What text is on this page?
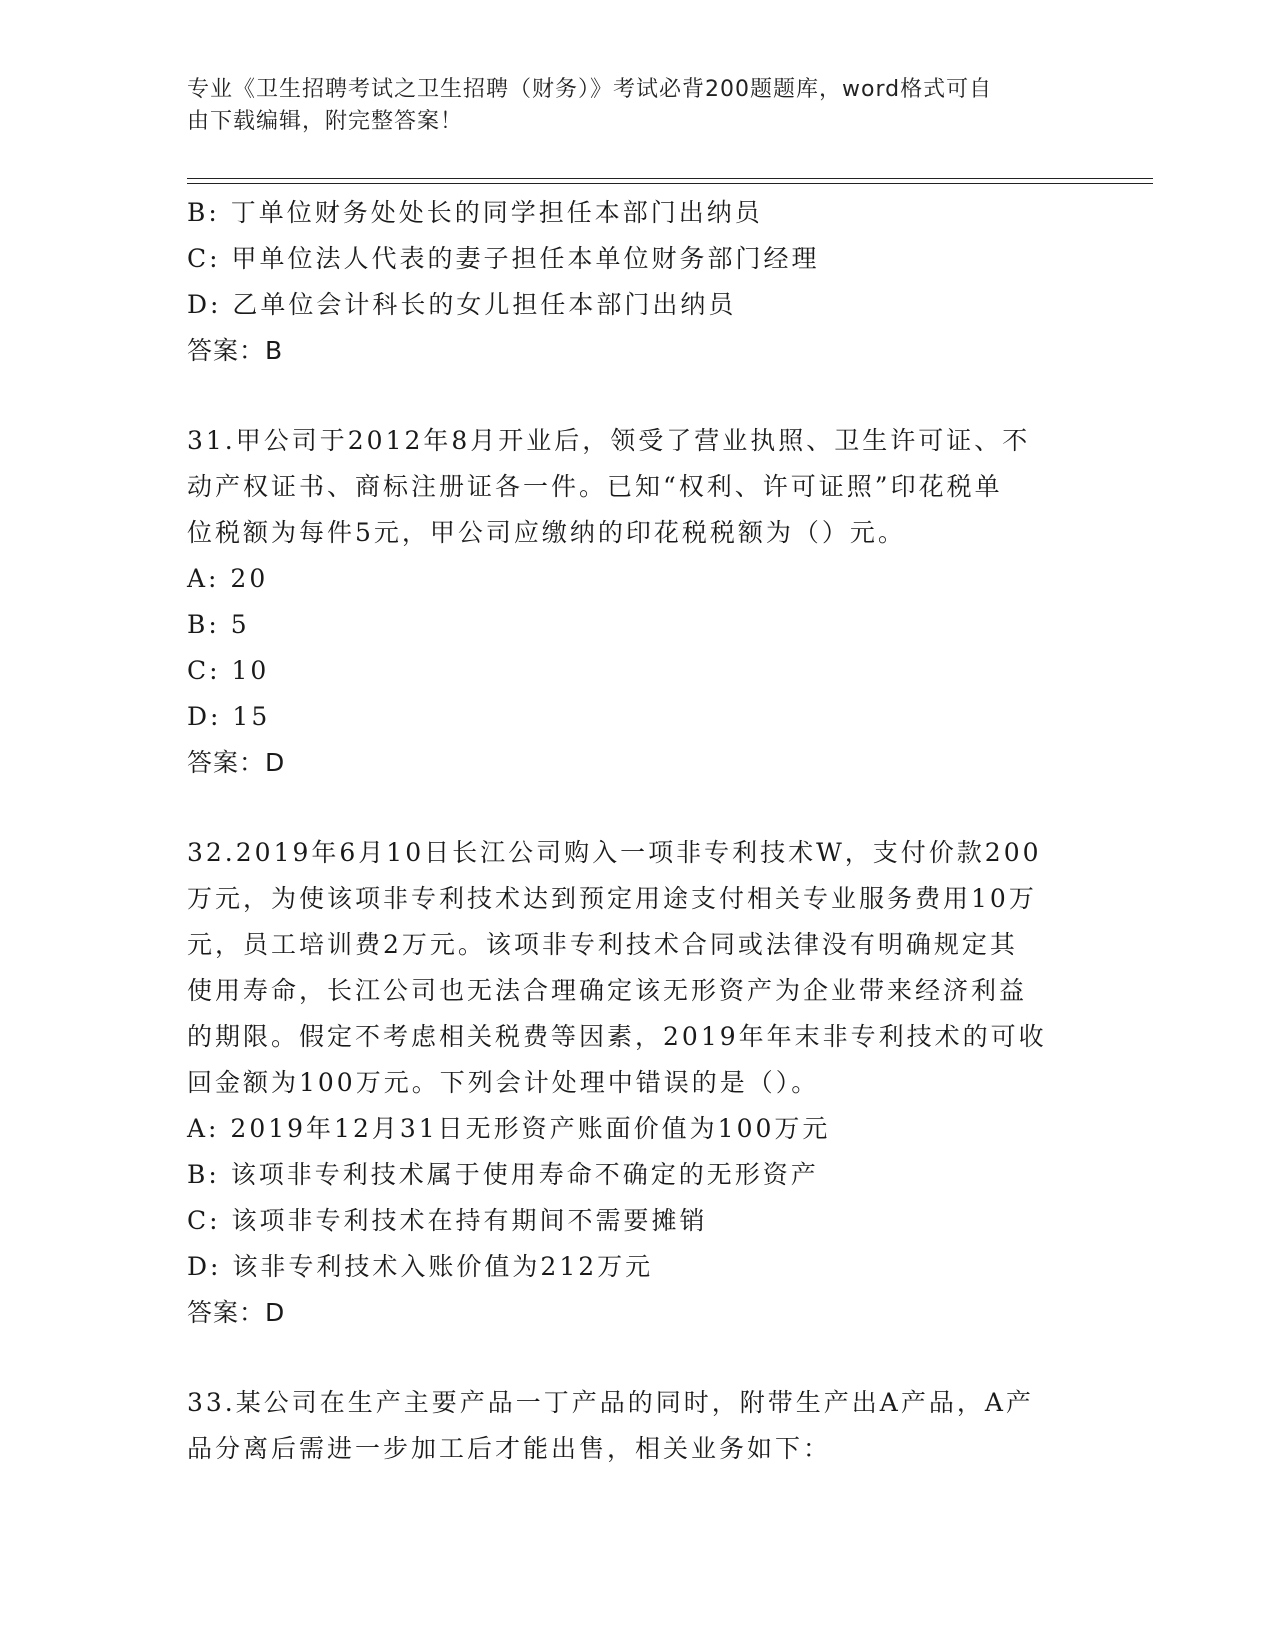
专业《卫生招聘考试之卫生招聘（财务）》考试必背200题题库，word格式可自
由下载编辑，附完整答案！
B: 丁单位财务处处长的同学担任本部门出纳员
C: 甲单位法人代表的妻子担任本单位财务部门经理
D: 乙单位会计科长的女儿担任本部门出纳员
答案：B
31.甲公司于2012年8月开业后，领受了营业执照、卫生许可证、不
动产权证书、商标注册证各一件。已知“权利、许可证照”印花税单
位税额为每件5元，甲公司应缴纳的印花税税额为（）元。
A: 20
B: 5
C: 10
D: 15
答案：D
32.2019年6月10日长江公司购入一项非专利技术W，支付价款200
万元，为使该项非专利技术达到预定用途支付相关专业服务费用10万
元，员工培训费2万元。该项非专利技术合同或法律没有明确规定其
使用寿命，长江公司也无法合理确定该无形资产为企业带来经济利益
的期限。假定不考虑相关税费等因素，2019年年末非专利技术的可收
回金额为100万元。下列会计处理中错误的是（）。
A: 2019年12月31日无形资产账面价值为100万元
B: 该项非专利技术属于使用寿命不确定的无形资产
C: 该项非专利技术在持有期间不需要摊销
D: 该非专利技术入账价值为212万元
答案：D
33.某公司在生产主要产品一丁产品的同时，附带生产出A产品，A产
品分离后需进一步加工后才能出售，相关业务如下：
